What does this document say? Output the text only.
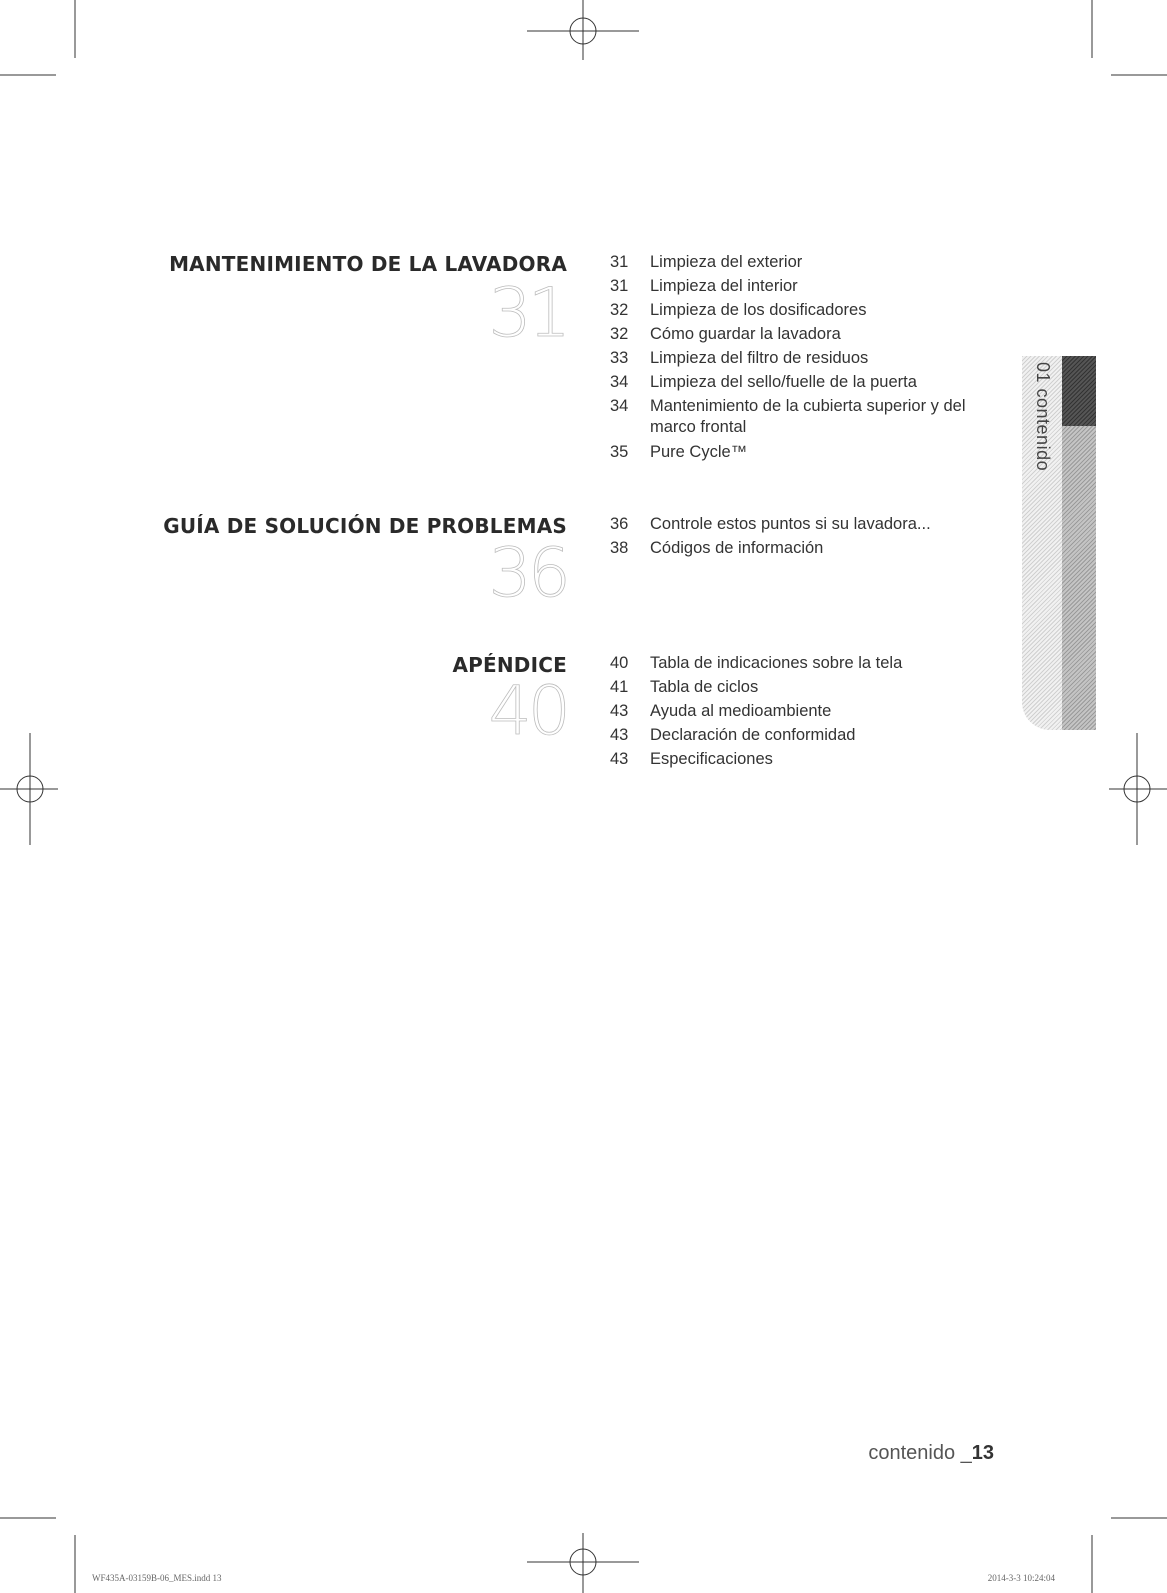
MANTENIMIENTO DE LA LAVADORA
31
31	Limpieza del exterior
31	Limpieza del interior
32	Limpieza de los dosificadores
32	Cómo guardar la lavadora
33	Limpieza del filtro de residuos
34	Limpieza del sello/fuelle de la puerta
34	Mantenimiento de la cubierta superior y del marco frontal
35	Pure Cycle™
GUÍA DE SOLUCIÓN DE PROBLEMAS
36
36	Controle estos puntos si su lavadora...
38	Códigos de información
APÉNDICE
40
40	Tabla de indicaciones sobre la tela
41	Tabla de ciclos
43	Ayuda al medioambiente
43	Declaración de conformidad
43	Especificaciones
01 contenido
contenido _13
WF435A-03159B-06_MES.indd 13	2014-3-3 10:24:04
